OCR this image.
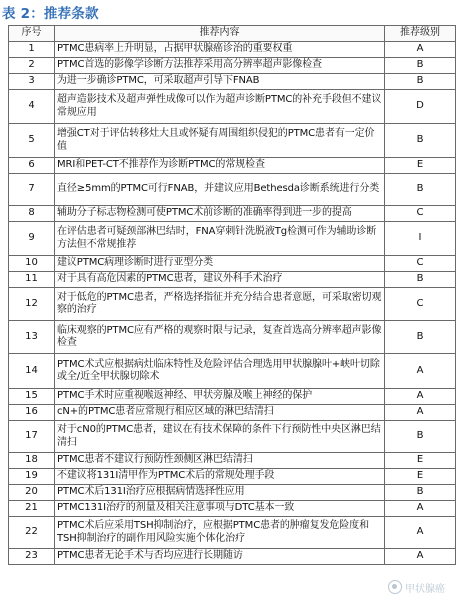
表 2：推荐条款
序号	推荐内容	推荐级别
1	PTMC患病率上升明显，占据甲状腺癌诊治的重要权重	A
2	PTMC首选的影像学诊断方法推荐采用高分辨率超声影像检查	B
3	为进一步确诊PTMC，可采取超声引导下FNAB	B
4	超声造影技术及超声弹性成像可以作为超声诊断PTMC的补充手段但不建议常规应用	D
5	增强CT对于评估转移灶大且或怀疑有周围组织侵犯的PTMC患者有一定价值	B
6	MRI和PET-CT不推荐作为诊断PTMC的常规检查	E
7	直径≥5mm的PTMC可行FNAB，并建议应用Bethesda诊断系统进行分类	B
8	辅助分子标志物检测可使PTMC术前诊断的准确率得到进一步的提高	C
9	在评估患者可疑颈部淋巴结时，FNA穿刺针洗脱液Tg检测可作为辅助诊断方法但不常规推荐	I
10	建议PTMC病理诊断时进行亚型分类	C
11	对于具有高危因素的PTMC患者，建议外科手术治疗	B
12	对于低危的PTMC患者，严格选择指征并充分结合患者意愿，可采取密切观察的治疗	C
13	临床观察的PTMC应有严格的观察时限与记录，复查首选高分辨率超声影像检查	B
14	PTMC术式应根据病灶临床特性及危险评估合理选用甲状腺腺叶+峡叶切除或全/近全甲状腺切除术	A
15	PTMC手术时应重视喉返神经、甲状旁腺及喉上神经的保护	A
16	cN+的PTMC患者应常规行相应区域的淋巴结清扫	A
17	对于cN0的PTMC患者，建议在有技术保障的条件下行预防性中央区淋巴结清扫	B
18	PTMC患者不建议行预防性颈侧区淋巴结清扫	E
19	不建议将131I清甲作为PTMC术后的常规处理手段	E
20	PTMC术后131I治疗应根据病情选择性应用	B
21	PTMC131I治疗的剂量及相关注意事项与DTC基本一致	A
22	PTMC术后应采用TSH抑制治疗，应根据PTMC患者的肿瘤复发危险度和TSH抑制治疗的副作用风险实施个体化治疗	A
23	PTMC患者无论手术与否均应进行长期随访	A
甲状腺癌
